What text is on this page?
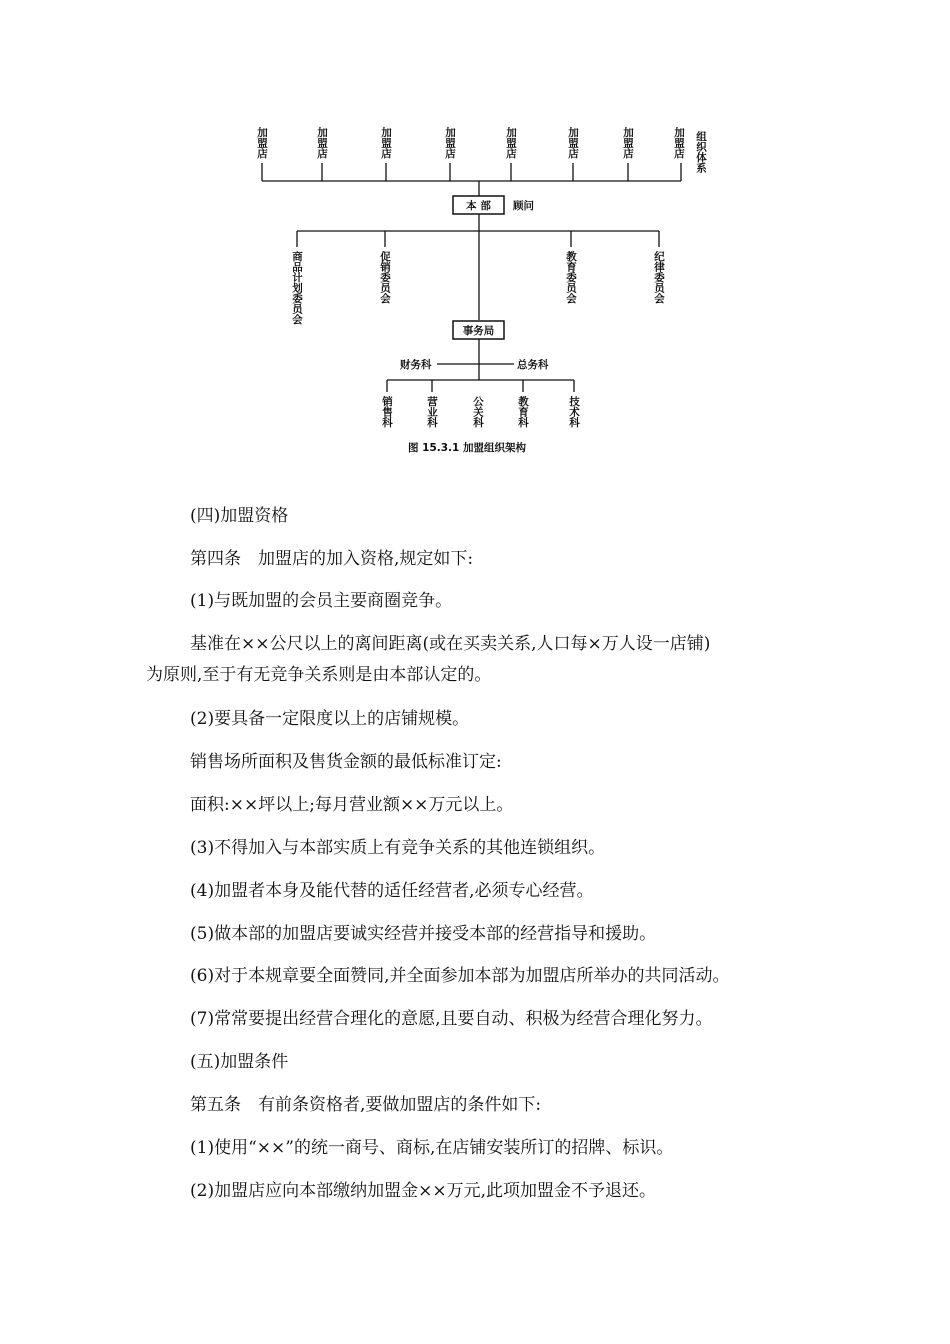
加盟店	加盟店	加盟店	加盟店	加盟店	加盟店	加盟店	加盟店 组织体系
本 部 顾问
商品计划委员会	促销委员会	教育委员会	纪律委员会
事务局
财务科	总务科
销售科	营业科	公关科	教育科	技术科
图 15.3.1 加盟组织架构
(四)加盟资格
第四条　加盟店的加入资格,规定如下:
(1)与既加盟的会员主要商圈竞争。
基准在××公尺以上的离间距离(或在买卖关系,人口每×万人设一店铺)
为原则,至于有无竞争关系则是由本部认定的。
(2)要具备一定限度以上的店铺规模。
销售场所面积及售货金额的最低标准订定:
面积:××坪以上;每月营业额××万元以上。
(3)不得加入与本部实质上有竞争关系的其他连锁组织。
(4)加盟者本身及能代替的适任经营者,必须专心经营。
(5)做本部的加盟店要诚实经营并接受本部的经营指导和援助。
(6)对于本规章要全面赞同,并全面参加本部为加盟店所举办的共同活动。
(7)常常要提出经营合理化的意愿,且要自动、积极为经营合理化努力。
(五)加盟条件
第五条　有前条资格者,要做加盟店的条件如下:
(1)使用“××”的统一商号、商标,在店铺安装所订的招牌、标识。
(2)加盟店应向本部缴纳加盟金××万元,此项加盟金不予退还。
